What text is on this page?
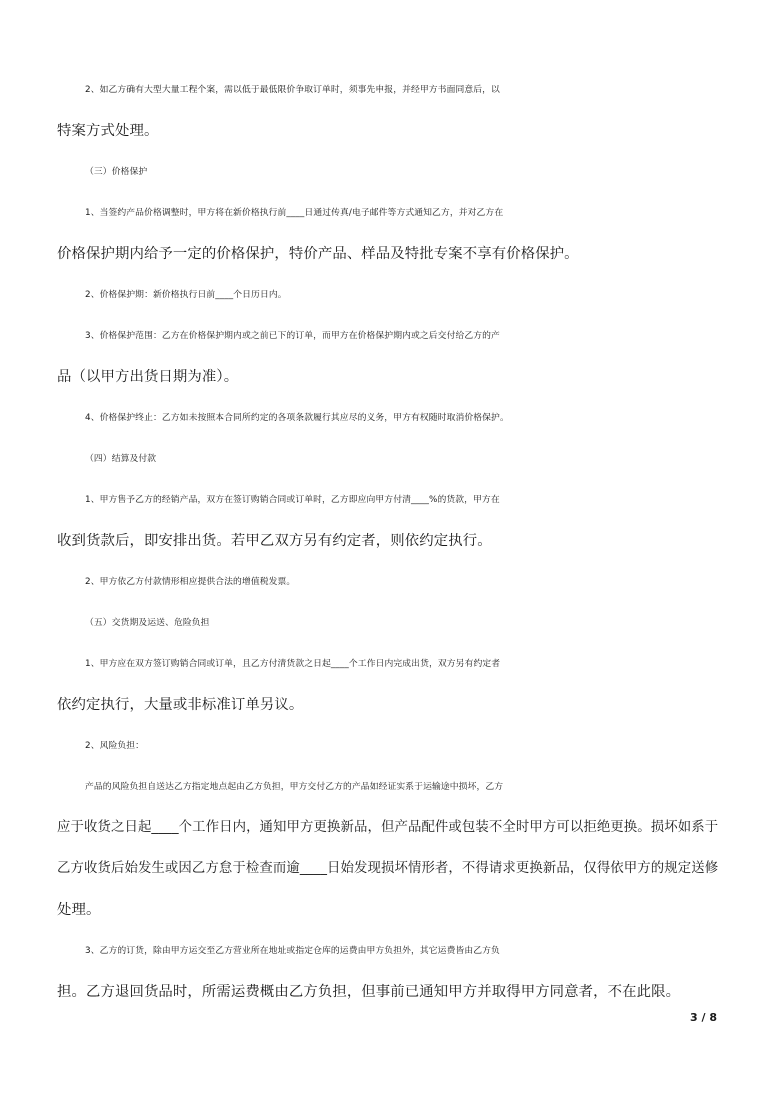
2、如乙方确有大型大量工程个案，需以低于最低限价争取订单时，须事先申报，并经甲方书面同意后，以
特案方式处理。
（三）价格保护
1、当签约产品价格调整时，甲方将在新价格执行前____日通过传真/电子邮件等方式通知乙方，并对乙方在
价格保护期内给予一定的价格保护，特价产品、样品及特批专案不享有价格保护。
2、价格保护期：新价格执行日前____个日历日内。
3、价格保护范围：乙方在价格保护期内或之前已下的订单，而甲方在价格保护期内或之后交付给乙方的产
品（以甲方出货日期为准）。
4、价格保护终止：乙方如未按照本合同所约定的各项条款履行其应尽的义务，甲方有权随时取消价格保护。
（四）结算及付款
1、甲方售予乙方的经销产品，双方在签订购销合同或订单时，乙方即应向甲方付清____%的货款，甲方在
收到货款后，即安排出货。若甲乙双方另有约定者，则依约定执行。
2、甲方依乙方付款情形相应提供合法的增值税发票。
（五）交货期及运送、危险负担
1、甲方应在双方签订购销合同或订单，且乙方付清货款之日起____个工作日内完成出货，双方另有约定者
依约定执行，大量或非标准订单另议。
2、风险负担：
产品的风险负担自送达乙方指定地点起由乙方负担，甲方交付乙方的产品如经证实系于运输途中损坏，乙方
应于收货之日起____个工作日内，通知甲方更换新品，但产品配件或包装不全时甲方可以拒绝更换。损坏如系于
乙方收货后始发生或因乙方怠于检查而逾____日始发现损坏情形者，不得请求更换新品，仅得依甲方的规定送修
处理。
3、乙方的订货，除由甲方运交至乙方营业所在地址或指定仓库的运费由甲方负担外，其它运费皆由乙方负
担。乙方退回货品时，所需运费概由乙方负担，但事前已通知甲方并取得甲方同意者，不在此限。
3 / 8
